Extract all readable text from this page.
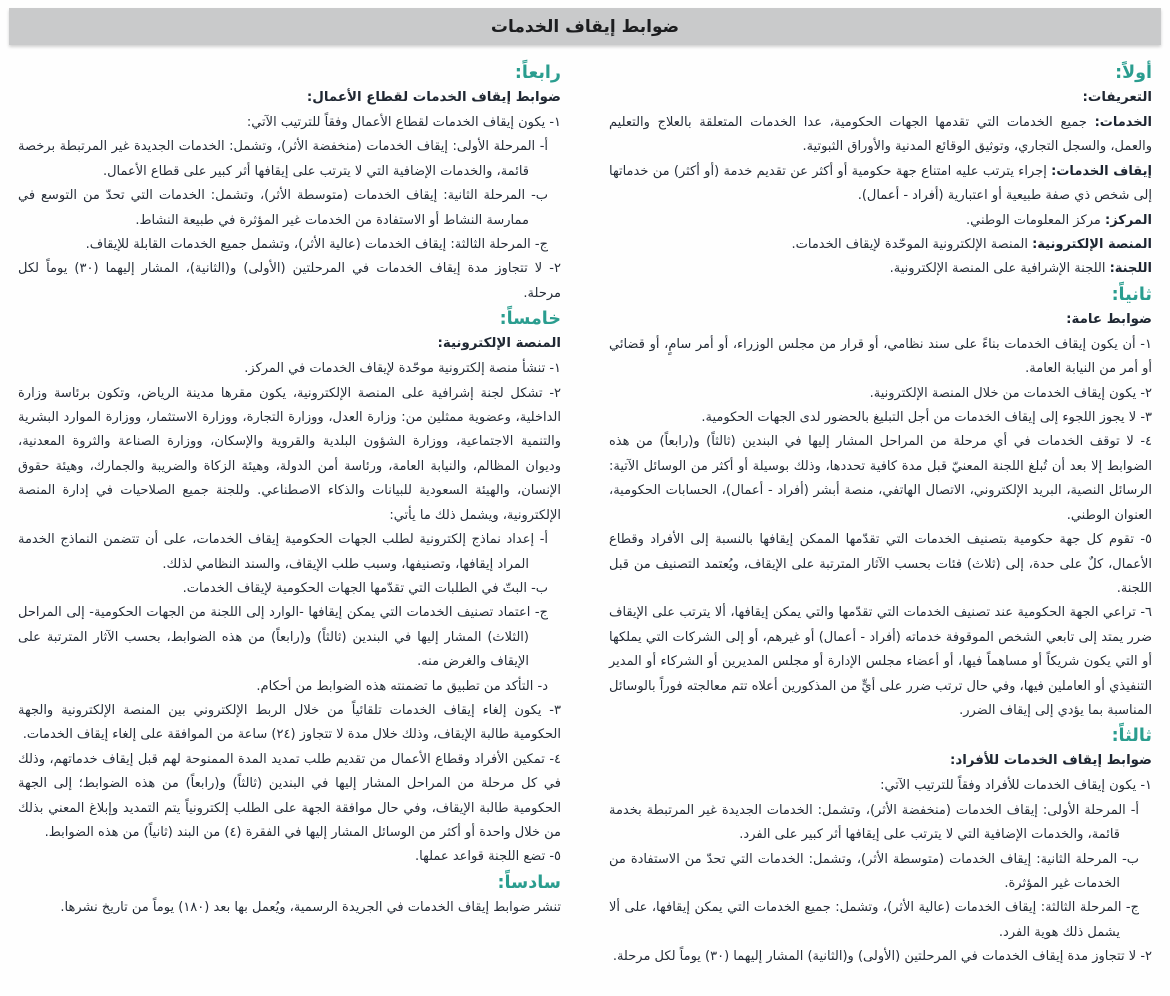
ضوابط إيقاف الخدمات
أولاً:
التعريفات:

الخدمات: جميع الخدمات التي تقدمها الجهات الحكومية، عدا الخدمات المتعلقة بالعلاج والتعليم والعمل، والسجل التجاري، وتوثيق الوقائع المدنية والأوراق الثبوتية.

إيقاف الخدمات: إجراء يترتب عليه امتناع جهة حكومية أو أكثر عن تقديم خدمة (أو أكثر) من خدماتها إلى شخص ذي صفة طبيعية أو اعتبارية (أفراد - أعمال).

المركز: مركز المعلومات الوطني.

المنصة الإلكترونية: المنصة الإلكترونية الموحّدة لإيقاف الخدمات.

اللجنة: اللجنة الإشرافية على المنصة الإلكترونية.

ثانياً:
ضوابط عامة:

١- أن يكون إيقاف الخدمات بناءً على سند نظامي، أو قرار من مجلس الوزراء، أو أمر سامٍ، أو قضائي أو أمر من النيابة العامة.

٢- يكون إيقاف الخدمات من خلال المنصة الإلكترونية.

٣- لا يجوز اللجوء إلى إيقاف الخدمات من أجل التبليغ بالحضور لدى الجهات الحكومية.

٤- لا توقف الخدمات في أي مرحلة من المراحل المشار إليها في البندين (ثالثاً) و(رابعاً) من هذه الضوابط إلا بعد أن تُبلغ اللجنة المعنيّ قبل مدة كافية تحددها، وذلك بوسيلة أو أكثر من الوسائل الآتية: الرسائل النصية، البريد الإلكتروني، الاتصال الهاتفي، منصة أبشر (أفراد - أعمال)، الحسابات الحكومية، العنوان الوطني.

٥- تقوم كل جهة حكومية بتصنيف الخدمات التي تقدّمها الممكن إيقافها بالنسبة إلى الأفراد وقطاع الأعمال، كلٌ على حدة، إلى (ثلاث) فئات بحسب الآثار المترتبة على الإيقاف، ويُعتمد التصنيف من قبل اللجنة.

٦- تراعي الجهة الحكومية عند تصنيف الخدمات التي تقدّمها والتي يمكن إيقافها، ألا يترتب على الإيقاف ضرر يمتد إلى تابعي الشخص الموقوفة خدماته (أفراد - أعمال) أو غيرهم، أو إلى الشركات التي يملكها أو التي يكون شريكاً أو مساهماً فيها، أو أعضاء مجلس الإدارة أو مجلس المديرين أو الشركاء أو المدير التنفيذي أو العاملين فيها، وفي حال ترتب ضرر على أيٍّ من المذكورين أعلاه تتم معالجته فوراً بالوسائل المناسبة بما يؤدي إلى إيقاف الضرر.

ثالثاً:
ضوابط إيقاف الخدمات للأفراد:

١- يكون إيقاف الخدمات للأفراد وفقاً للترتيب الآتي:

أ- المرحلة الأولى: إيقاف الخدمات (منخفضة الأثر)، وتشمل: الخدمات الجديدة غير المرتبطة بخدمة قائمة، والخدمات الإضافية التي لا يترتب على إيقافها أثر كبير على الفرد.

ب- المرحلة الثانية: إيقاف الخدمات (متوسطة الأثر)، وتشمل: الخدمات التي تحدّ من الاستفادة من الخدمات غير المؤثرة.

ج- المرحلة الثالثة: إيقاف الخدمات (عالية الأثر)، وتشمل: جميع الخدمات التي يمكن إيقافها، على ألا يشمل ذلك هوية الفرد.

٢- لا تتجاوز مدة إيقاف الخدمات في المرحلتين (الأولى) و(الثانية) المشار إليهما (٣٠) يوماً لكل مرحلة.

رابعاً:
ضوابط إيقاف الخدمات لقطاع الأعمال:

١- يكون إيقاف الخدمات لقطاع الأعمال وفقاً للترتيب الآتي:

أ- المرحلة الأولى: إيقاف الخدمات (منخفضة الأثر)، وتشمل: الخدمات الجديدة غير المرتبطة برخصة قائمة، والخدمات الإضافية التي لا يترتب على إيقافها أثر كبير على قطاع الأعمال.

ب- المرحلة الثانية: إيقاف الخدمات (متوسطة الأثر)، وتشمل: الخدمات التي تحدّ من التوسع في ممارسة النشاط أو الاستفادة من الخدمات غير المؤثرة في طبيعة النشاط.

ج- المرحلة الثالثة: إيقاف الخدمات (عالية الأثر)، وتشمل جميع الخدمات القابلة للإيقاف.

٢- لا تتجاوز مدة إيقاف الخدمات في المرحلتين (الأولى) و(الثانية)، المشار إليهما (٣٠) يوماً لكل مرحلة.

خامساً:
المنصة الإلكترونية:

١- تنشأ منصة إلكترونية موحّدة لإيقاف الخدمات في المركز.

٢- تشكل لجنة إشرافية على المنصة الإلكترونية، يكون مقرها مدينة الرياض، وتكون برئاسة وزارة الداخلية، وعضوية ممثلين من: وزارة العدل، ووزارة التجارة، ووزارة الاستثمار، ووزارة الموارد البشرية والتنمية الاجتماعية، ووزارة الشؤون البلدية والقروية والإسكان، ووزارة الصناعة والثروة المعدنية، وديوان المظالم، والنيابة العامة، ورئاسة أمن الدولة، وهيئة الزكاة والضريبة والجمارك، وهيئة حقوق الإنسان، والهيئة السعودية للبيانات والذكاء الاصطناعي. وللجنة جميع الصلاحيات في إدارة المنصة الإلكترونية، ويشمل ذلك ما يأتي:

أ- إعداد نماذج إلكترونية لطلب الجهات الحكومية إيقاف الخدمات، على أن تتضمن النماذج الخدمة المراد إيقافها، وتصنيفها، وسبب طلب الإيقاف، والسند النظامي لذلك.

ب- البتّ في الطلبات التي تقدّمها الجهات الحكومية لإيقاف الخدمات.

ج- اعتماد تصنيف الخدمات التي يمكن إيقافها -الوارد إلى اللجنة من الجهات الحكومية- إلى المراحل (الثلاث) المشار إليها في البندين (ثالثاً) و(رابعاً) من هذه الضوابط، بحسب الآثار المترتبة على الإيقاف والغرض منه.

د- التأكد من تطبيق ما تضمنته هذه الضوابط من أحكام.

٣- يكون إلغاء إيقاف الخدمات تلقائياً من خلال الربط الإلكتروني بين المنصة الإلكترونية والجهة الحكومية طالبة الإيقاف، وذلك خلال مدة لا تتجاوز (٢٤) ساعة من الموافقة على إلغاء إيقاف الخدمات.

٤- تمكين الأفراد وقطاع الأعمال من تقديم طلب تمديد المدة الممنوحة لهم قبل إيقاف خدماتهم، وذلك في كل مرحلة من المراحل المشار إليها في البندين (ثالثاً) و(رابعاً) من هذه الضوابط؛ إلى الجهة الحكومية طالبة الإيقاف، وفي حال موافقة الجهة على الطلب إلكترونياً يتم التمديد وإبلاغ المعني بذلك من خلال واحدة أو أكثر من الوسائل المشار إليها في الفقرة (٤) من البند (ثانياً) من هذه الضوابط.

٥- تضع اللجنة قواعد عملها.

سادساً:

تنشر ضوابط إيقاف الخدمات في الجريدة الرسمية، ويُعمل بها بعد (١٨٠) يوماً من تاريخ نشرها.
